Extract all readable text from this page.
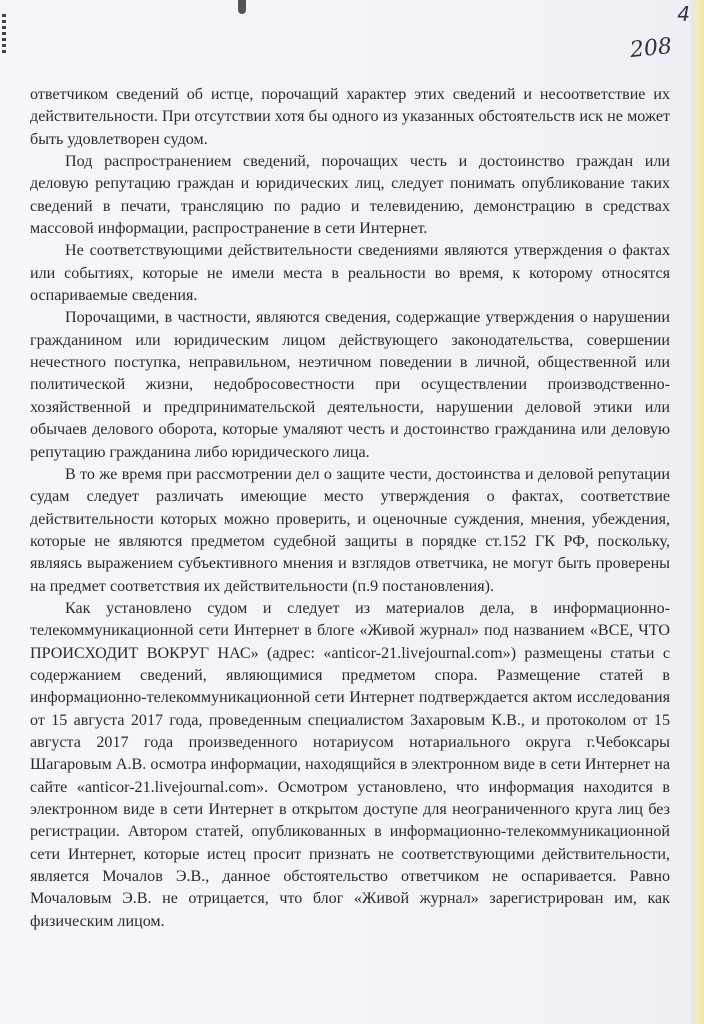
4
208

ответчиком сведений об истце, порочащий характер этих сведений и несоответствие их действительности. При отсутствии хотя бы одного из указанных обстоятельств иск не может быть удовлетворен судом.

Под распространением сведений, порочащих честь и достоинство граждан или деловую репутацию граждан и юридических лиц, следует понимать опубликование таких сведений в печати, трансляцию по радио и телевидению, демонстрацию в средствах массовой информации, распространение в сети Интернет.

Не соответствующими действительности сведениями являются утверждения о фактах или событиях, которые не имели места в реальности во время, к которому относятся оспариваемые сведения.

Порочащими, в частности, являются сведения, содержащие утверждения о нарушении гражданином или юридическим лицом действующего законодательства, совершении нечестного поступка, неправильном, неэтичном поведении в личной, общественной или политической жизни, недобросовестности при осуществлении производственно-хозяйственной и предпринимательской деятельности, нарушении деловой этики или обычаев делового оборота, которые умаляют честь и достоинство гражданина или деловую репутацию гражданина либо юридического лица.

В то же время при рассмотрении дел о защите чести, достоинства и деловой репутации судам следует различать имеющие место утверждения о фактах, соответствие действительности которых можно проверить, и оценочные суждения, мнения, убеждения, которые не являются предметом судебной защиты в порядке ст.152 ГК РФ, поскольку, являясь выражением субъективного мнения и взглядов ответчика, не могут быть проверены на предмет соответствия их действительности (п.9 постановления).

Как установлено судом и следует из материалов дела, в информационно-телекоммуникационной сети Интернет в блоге «Живой журнал» под названием «ВСЕ, ЧТО ПРОИСХОДИТ ВОКРУГ НАС» (адрес: «anticor-21.livejournal.com») размещены статьи с содержанием сведений, являющимися предметом спора. Размещение статей в информационно-телекоммуникационной сети Интернет подтверждается актом исследования от 15 августа 2017 года, проведенным специалистом Захаровым К.В., и протоколом от 15 августа 2017 года произведенного нотариусом нотариального округа г.Чебоксары Шагаровым А.В. осмотра информации, находящийся в электронном виде в сети Интернет на сайте «anticor-21.livejournal.com». Осмотром установлено, что информация находится в электронном виде в сети Интернет в открытом доступе для неограниченного круга лиц без регистрации. Автором статей, опубликованных в информационно-телекоммуникационной сети Интернет, которые истец просит признать не соответствующими действительности, является Мочалов Э.В., данное обстоятельство ответчиком не оспаривается. Равно Мочаловым Э.В. не отрицается, что блог «Живой журнал» зарегистрирован им, как физическим лицом.
